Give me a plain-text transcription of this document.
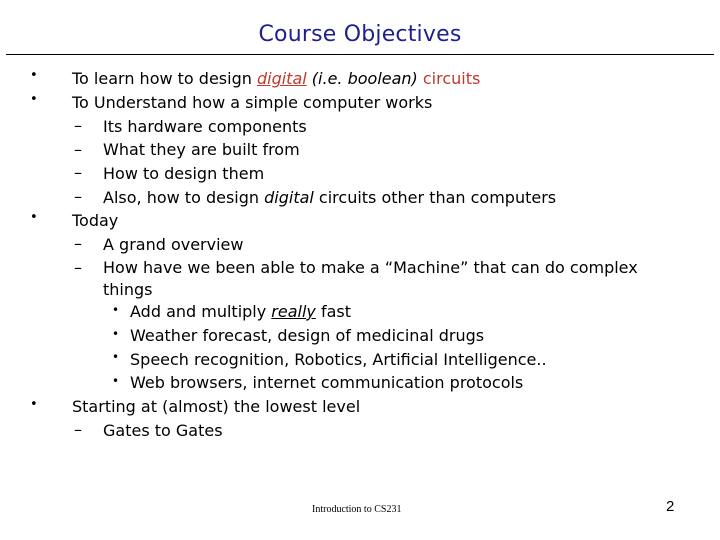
Course Objectives
• To learn how to design digital (i.e. boolean) circuits
• To Understand how a simple computer works
– Its hardware components
– What they are built from
– How to design them
– Also, how to design digital circuits other than computers
• Today
– A grand overview
– How have we been able to make a “Machine” that can do complex
things
• Add and multiply really fast
• Weather forecast, design of medicinal drugs
• Speech recognition, Robotics, Artificial Intelligence..
• Web browsers, internet communication protocols
• Starting at (almost) the lowest level
– Gates to Gates
Introduction to CS231	2
